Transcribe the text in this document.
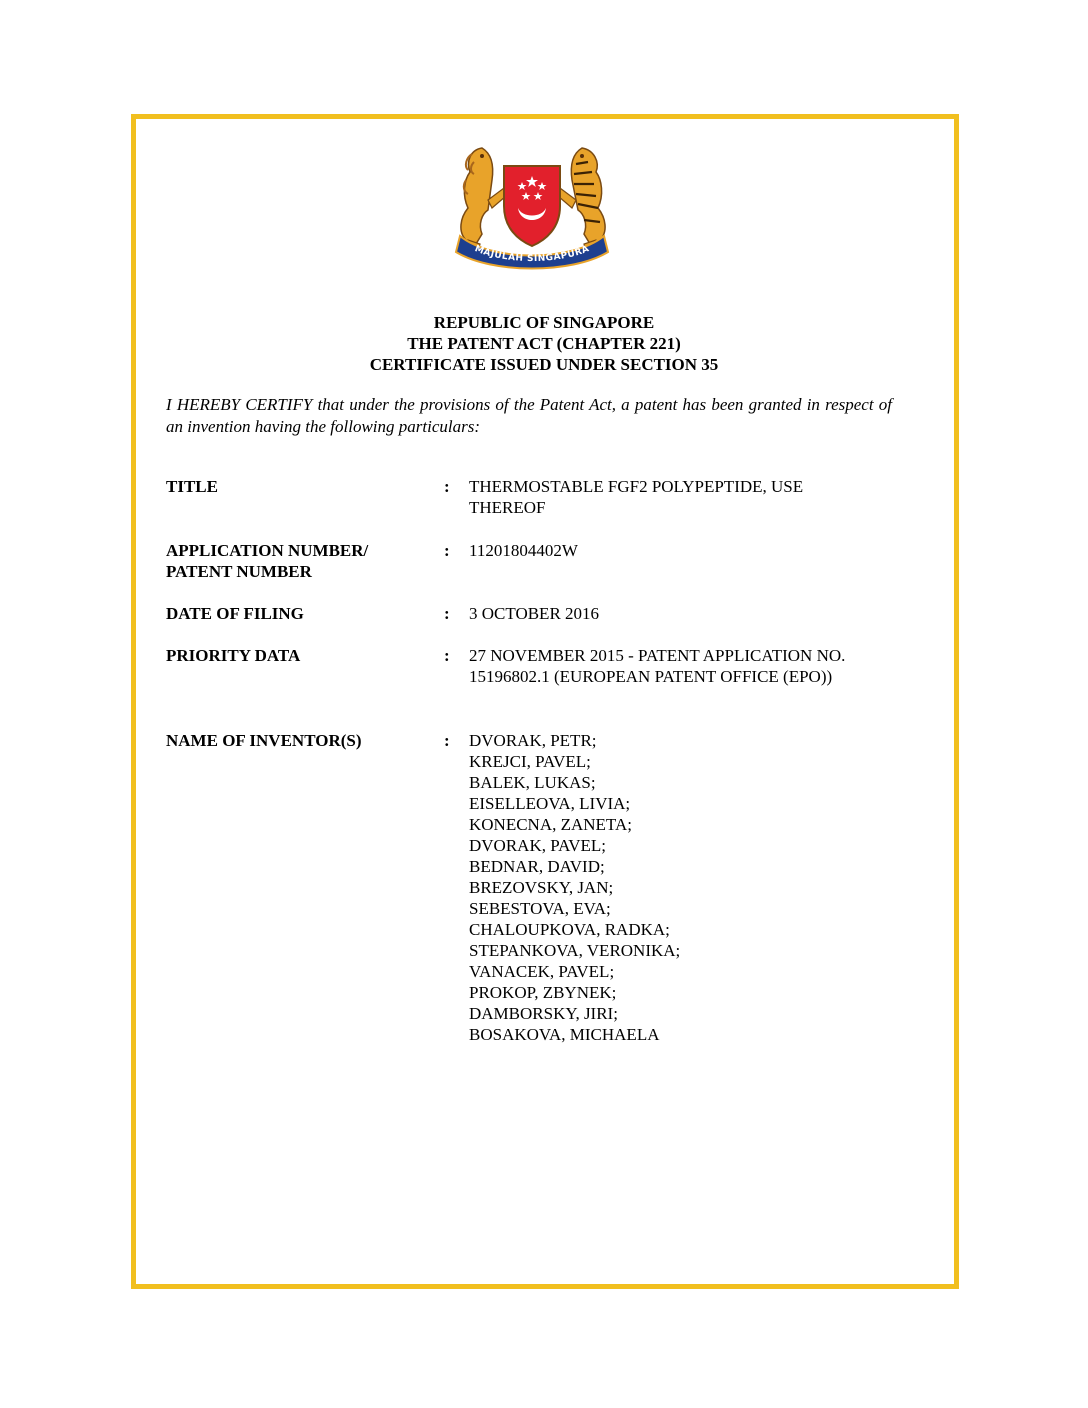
MAJULAH SINGAPURA
REPUBLIC OF SINGAPORE
THE PATENT ACT (CHAPTER 221)
CERTIFICATE ISSUED UNDER SECTION 35
I HEREBY CERTIFY that under the provisions of the Patent Act, a patent has been granted in respect of an invention having the following particulars:
TITLE	: THERMOSTABLE FGF2 POLYPEPTIDE, USE THEREOF
APPLICATION NUMBER/
PATENT NUMBER
: 11201804402W
DATE OF FILING	: 3 OCTOBER 2016
PRIORITY DATA	: 27 NOVEMBER 2015 - PATENT APPLICATION NO. 15196802.1 (EUROPEAN PATENT OFFICE (EPO))
NAME OF INVENTOR(S)	: DVORAK, PETR;
KREJCI, PAVEL;
BALEK, LUKAS;
EISELLEOVA, LIVIA;
KONECNA, ZANETA;
DVORAK, PAVEL;
BEDNAR, DAVID;
BREZOVSKY, JAN;
SEBESTOVA, EVA;
CHALOUPKOVA, RADKA;
STEPANKOVA, VERONIKA;
VANACEK, PAVEL;
PROKOP, ZBYNEK;
DAMBORSKY, JIRI;
BOSAKOVA, MICHAELA
